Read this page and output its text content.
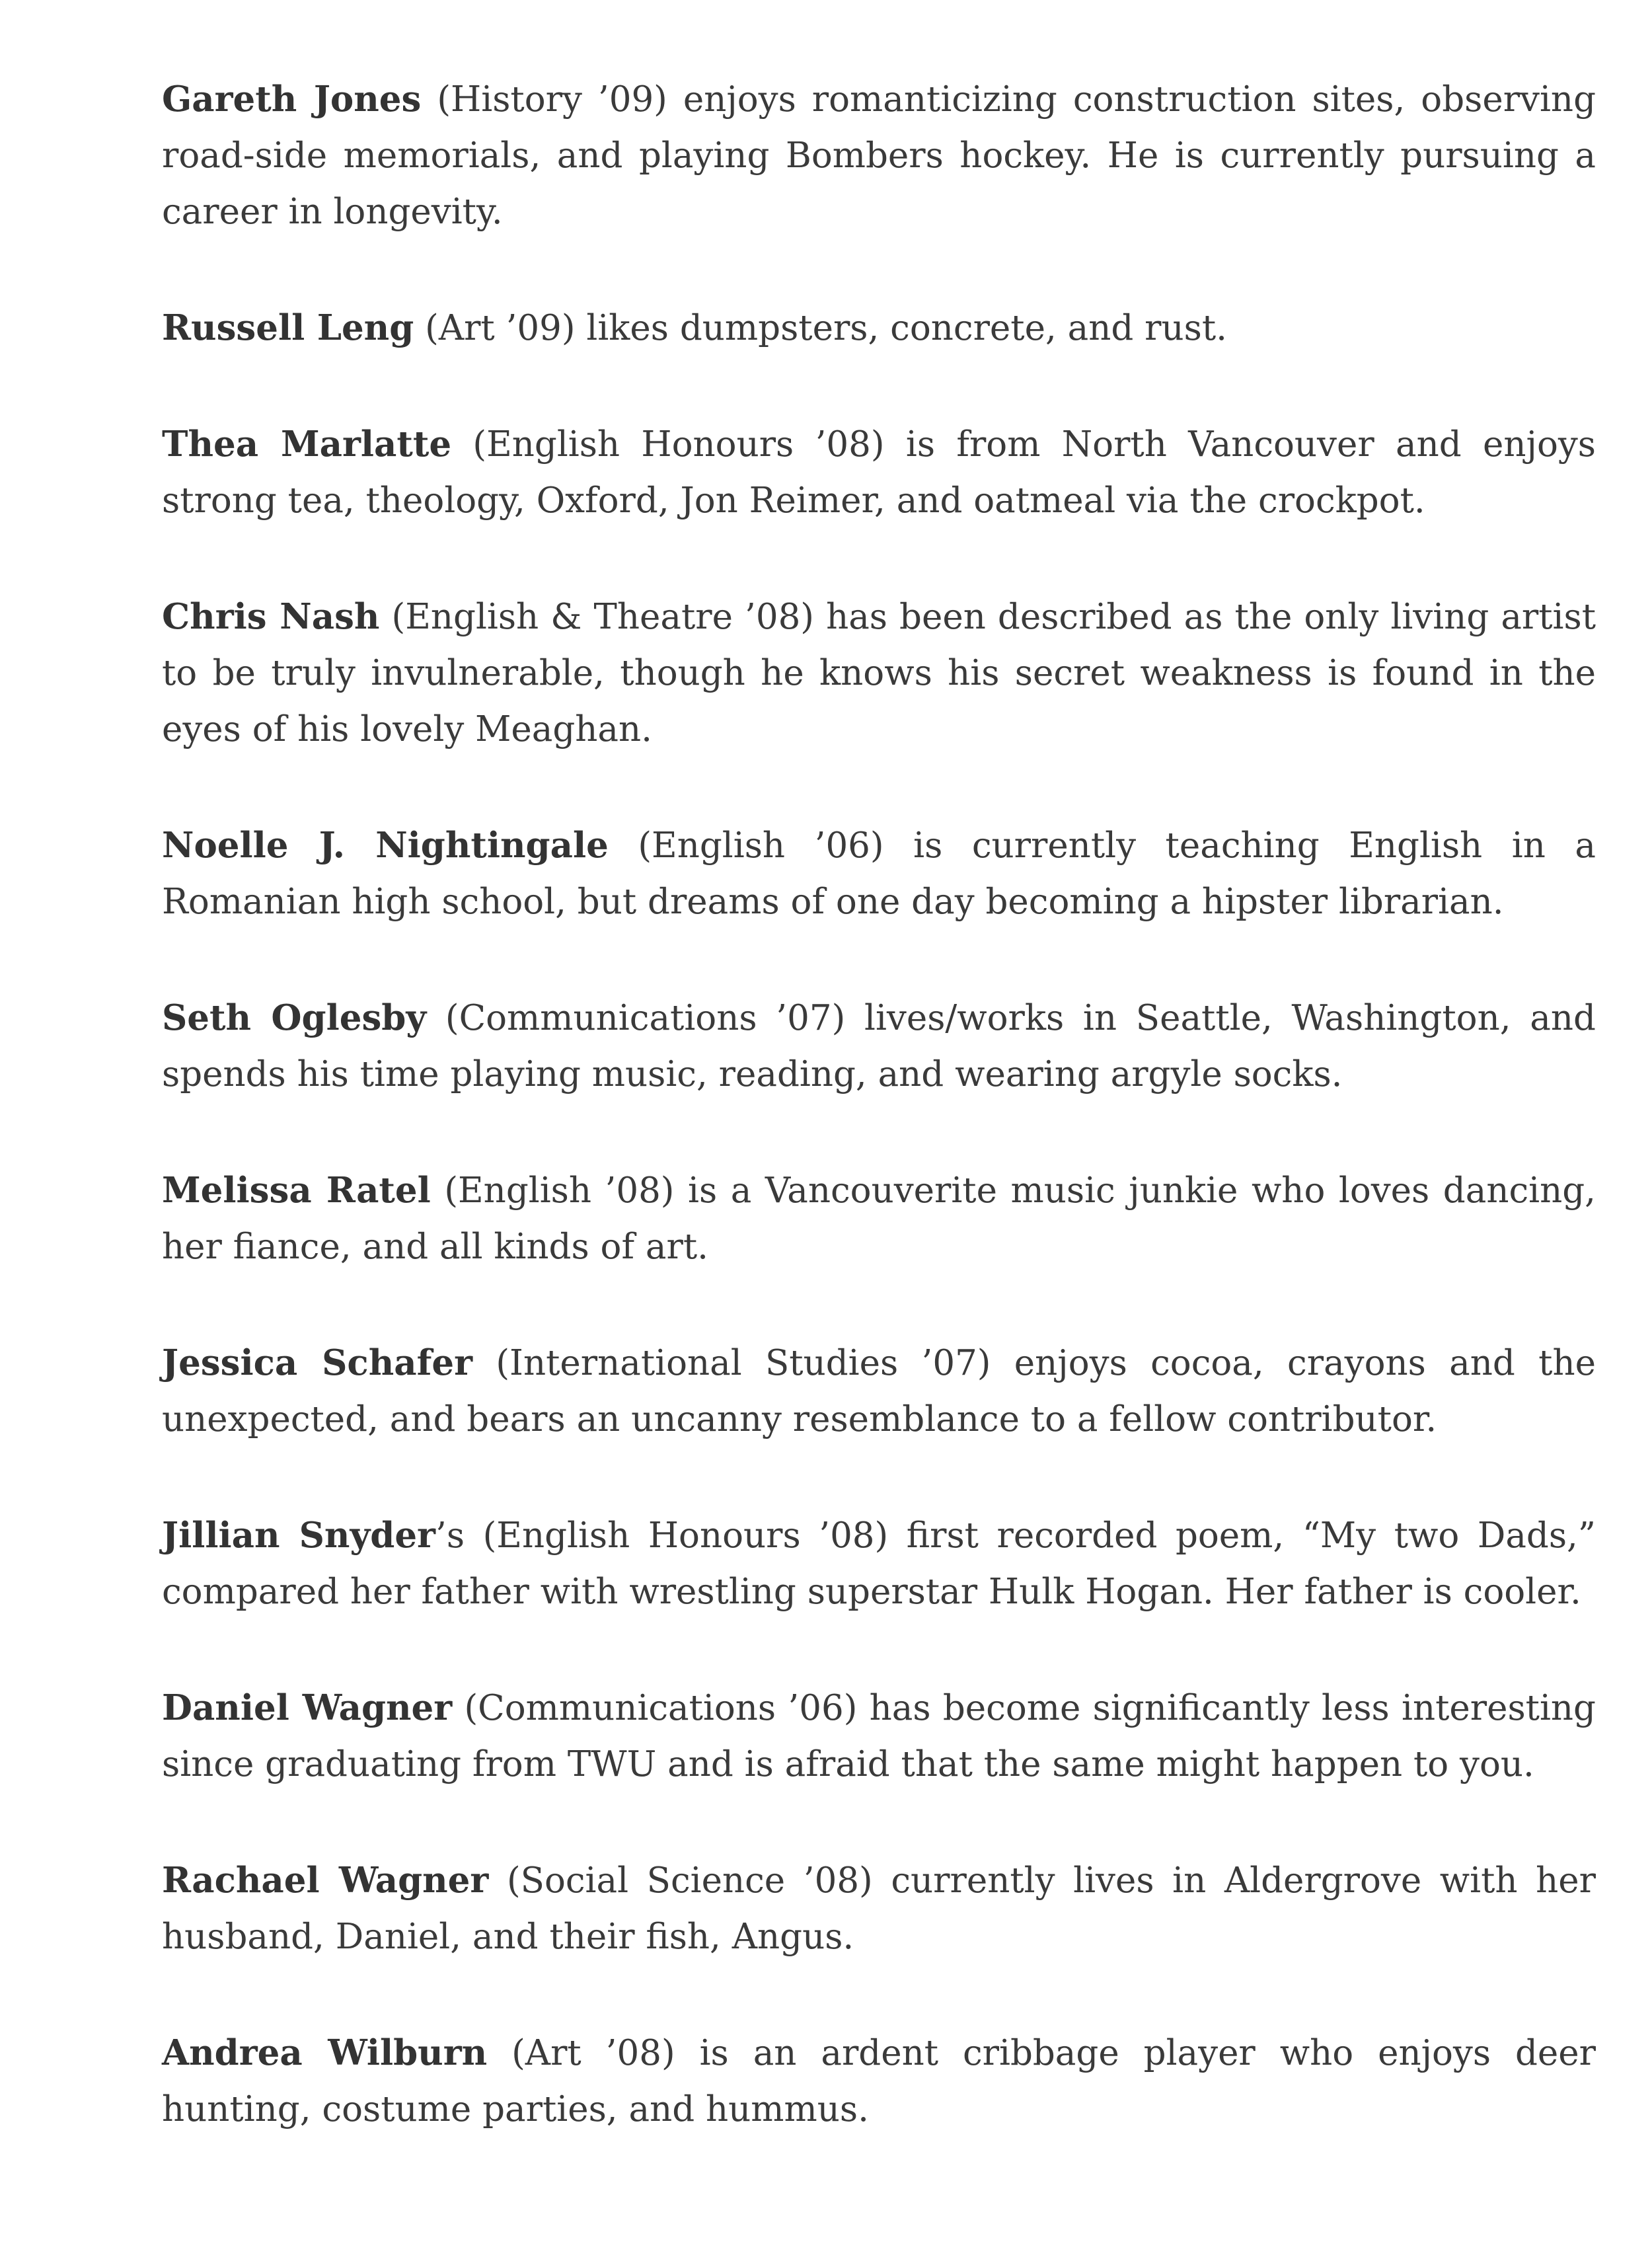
Gareth Jones (History ’09) enjoys romanticizing construction sites, observing road-side memorials, and playing Bombers hockey. He is currently pursuing a career in longevity.

Russell Leng (Art ’09) likes dumpsters, concrete, and rust.

Thea Marlatte (English Honours ’08) is from North Vancouver and enjoys strong tea, theology, Oxford, Jon Reimer, and oatmeal via the crockpot.

Chris Nash (English & Theatre ’08) has been described as the only living artist to be truly invulnerable, though he knows his secret weakness is found in the eyes of his lovely Meaghan.

Noelle J. Nightingale (English ’06) is currently teaching English in a Romanian high school, but dreams of one day becoming a hipster librarian.

Seth Oglesby (Communications ’07) lives/works in Seattle, Washington, and spends his time playing music, reading, and wearing argyle socks.

Melissa Ratel (English ’08) is a Vancouverite music junkie who loves dancing, her fiance, and all kinds of art.

Jessica Schafer (International Studies ’07) enjoys cocoa, crayons and the unexpected, and bears an uncanny resemblance to a fellow contributor.

Jillian Snyder’s (English Honours ’08) first recorded poem, “My two Dads,” compared her father with wrestling superstar Hulk Hogan. Her father is cooler.

Daniel Wagner (Communications ’06) has become significantly less interesting since graduating from TWU and is afraid that the same might happen to you.

Rachael Wagner (Social Science ’08) currently lives in Aldergrove with her husband, Daniel, and their fish, Angus.

Andrea Wilburn (Art ’08) is an ardent cribbage player who enjoys deer hunting, costume parties, and hummus.
